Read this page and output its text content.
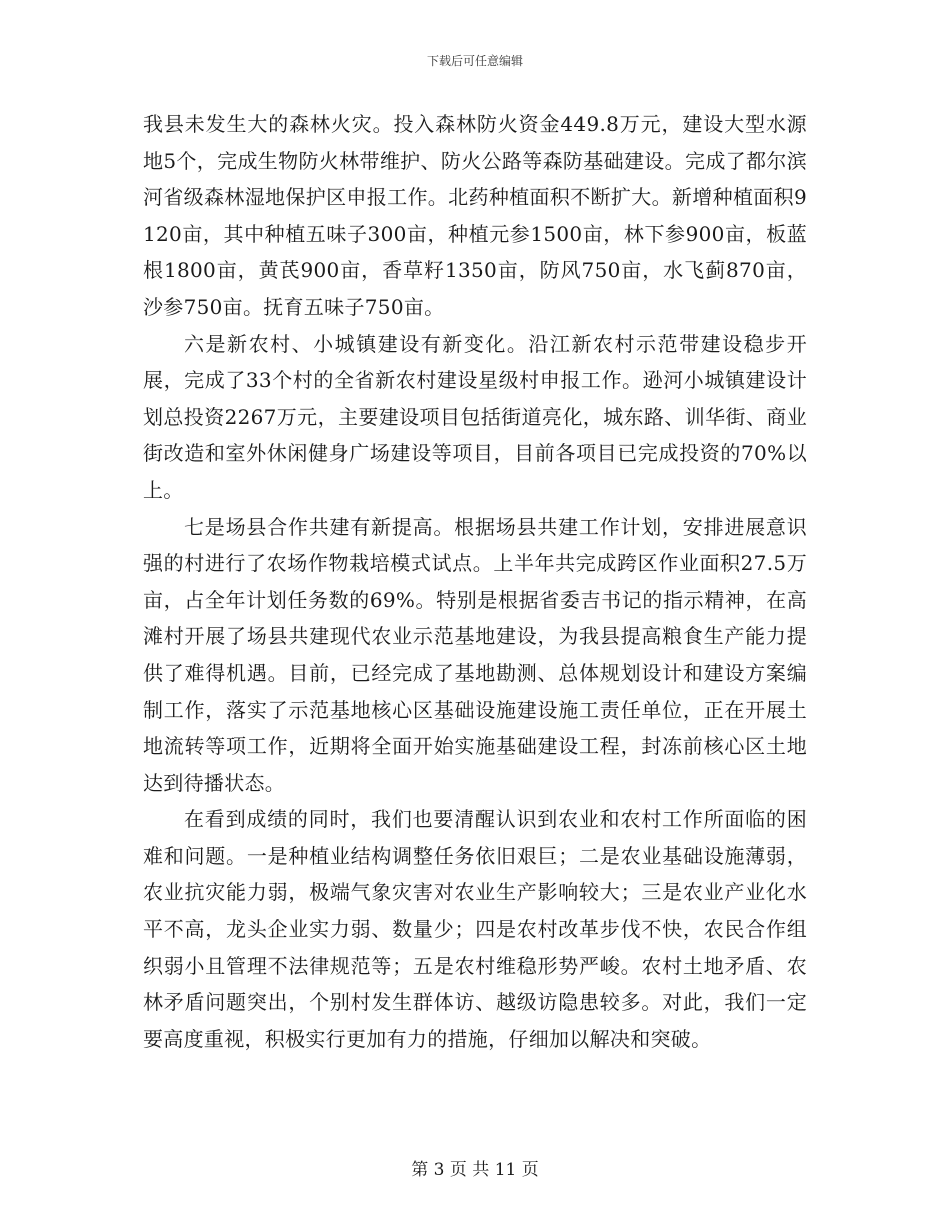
下载后可任意编辑

我县未发生大的森林火灾。投入森林防火资金449.8万元，建设大型水源地5个，完成生物防火林带维护、防火公路等森防基础建设。完成了都尔滨河省级森林湿地保护区申报工作。北药种植面积不断扩大。新增种植面积9120亩，其中种植五味子300亩，种植元参1500亩，林下参900亩，板蓝根1800亩，黄芪900亩，香草籽1350亩，防风750亩，水飞蓟870亩，沙参750亩。抚育五味子750亩。

六是新农村、小城镇建设有新变化。沿江新农村示范带建设稳步开展，完成了33个村的全省新农村建设星级村申报工作。逊河小城镇建设计划总投资2267万元，主要建设项目包括街道亮化，城东路、训华街、商业街改造和室外休闲健身广场建设等项目，目前各项目已完成投资的70%以上。

七是场县合作共建有新提高。根据场县共建工作计划，安排进展意识强的村进行了农场作物栽培模式试点。上半年共完成跨区作业面积27.5万亩，占全年计划任务数的69%。特别是根据省委吉书记的指示精神，在高滩村开展了场县共建现代农业示范基地建设，为我县提高粮食生产能力提供了难得机遇。目前，已经完成了基地勘测、总体规划设计和建设方案编制工作，落实了示范基地核心区基础设施建设施工责任单位，正在开展土地流转等项工作，近期将全面开始实施基础建设工程，封冻前核心区土地达到待播状态。

在看到成绩的同时，我们也要清醒认识到农业和农村工作所面临的困难和问题。一是种植业结构调整任务依旧艰巨；二是农业基础设施薄弱，农业抗灾能力弱，极端气象灾害对农业生产影响较大；三是农业产业化水平不高，龙头企业实力弱、数量少；四是农村改革步伐不快，农民合作组织弱小且管理不法律规范等；五是农村维稳形势严峻。农村土地矛盾、农林矛盾问题突出，个别村发生群体访、越级访隐患较多。对此，我们一定要高度重视，积极实行更加有力的措施，仔细加以解决和突破。

第 3 页 共 11 页
